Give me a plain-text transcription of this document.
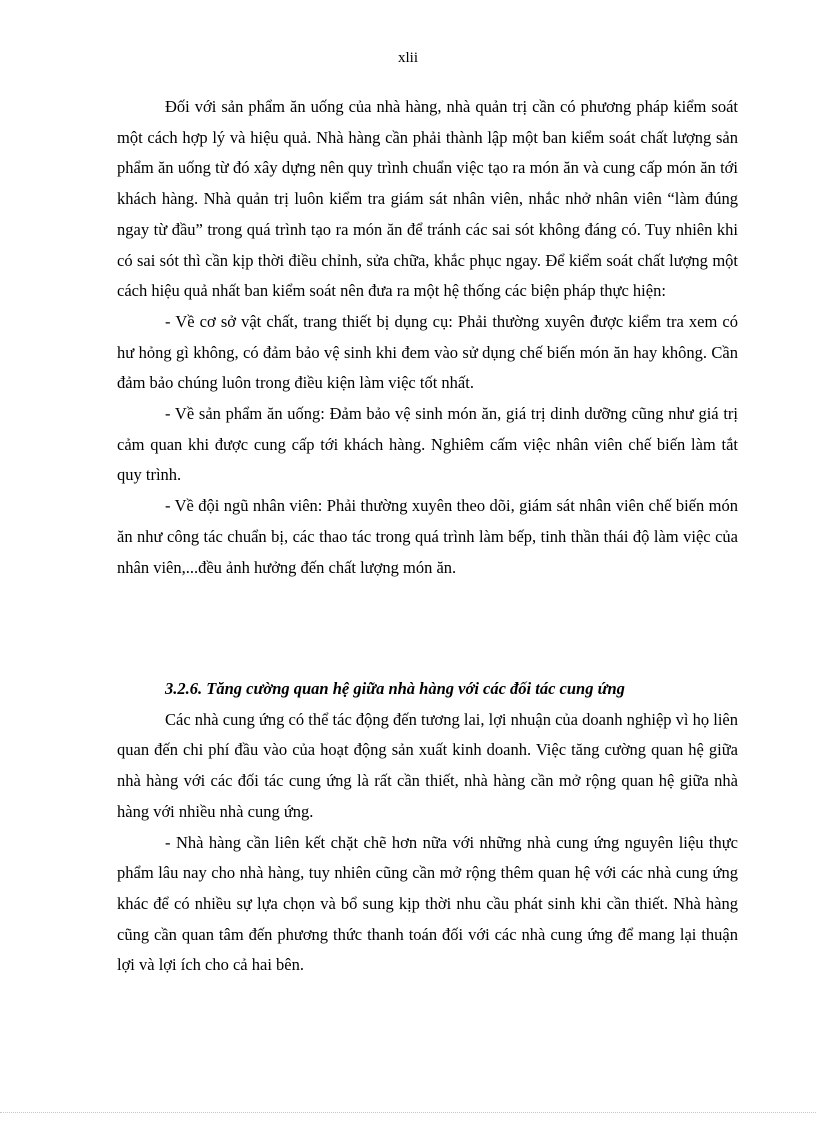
xlii

Đối với sản phẩm ăn uống của nhà hàng, nhà quản trị cần có phương pháp kiểm soát một cách hợp lý và hiệu quả. Nhà hàng cần phải thành lập một ban kiểm soát chất lượng sản phẩm ăn uống từ đó xây dựng nên quy trình chuẩn việc tạo ra món ăn và cung cấp món ăn tới khách hàng. Nhà quản trị luôn kiểm tra giám sát nhân viên, nhắc nhở nhân viên “làm đúng ngay từ đầu” trong quá trình tạo ra món ăn để tránh các sai sót không đáng có. Tuy nhiên khi có sai sót thì cần kịp thời điều chỉnh, sửa chữa, khắc phục ngay. Để kiểm soát chất lượng một cách hiệu quả nhất ban kiểm soát nên đưa ra một hệ thống các biện pháp thực hiện:

- Về cơ sở vật chất, trang thiết bị dụng cụ: Phải thường xuyên được kiểm tra xem có hư hỏng gì không, có đảm bảo vệ sinh khi đem vào sử dụng chế biến món ăn hay không. Cần đảm bảo chúng luôn trong điều kiện làm việc tốt nhất.

- Về sản phẩm ăn uống: Đảm bảo vệ sinh món ăn, giá trị dinh dưỡng cũng như giá trị cảm quan khi được cung cấp tới khách hàng. Nghiêm cấm việc nhân viên chế biến làm tắt quy trình.

- Về đội ngũ nhân viên: Phải thường xuyên theo dõi, giám sát nhân viên chế biến món ăn như công tác chuẩn bị, các thao tác trong quá trình làm bếp, tinh thần thái độ làm việc của nhân viên,...đều ảnh hưởng đến chất lượng món ăn.

3.2.6. Tăng cường quan hệ giữa nhà hàng với các đối tác cung ứng

Các nhà cung ứng có thể tác động đến tương lai, lợi nhuận của doanh nghiệp vì họ liên quan đến chi phí đầu vào của hoạt động sản xuất kinh doanh. Việc tăng cường quan hệ giữa nhà hàng với các đối tác cung ứng là rất cần thiết, nhà hàng cần mở rộng quan hệ giữa nhà hàng với nhiều nhà cung ứng.

- Nhà hàng cần liên kết chặt chẽ hơn nữa với những nhà cung ứng nguyên liệu thực phẩm lâu nay cho nhà hàng, tuy nhiên cũng cần mở rộng thêm quan hệ với các nhà cung ứng khác để có nhiều sự lựa chọn và bổ sung kịp thời nhu cầu phát sinh khi cần thiết. Nhà hàng cũng cần quan tâm đến phương thức thanh toán đối với các nhà cung ứng để mang lại thuận lợi và lợi ích cho cả hai bên.
